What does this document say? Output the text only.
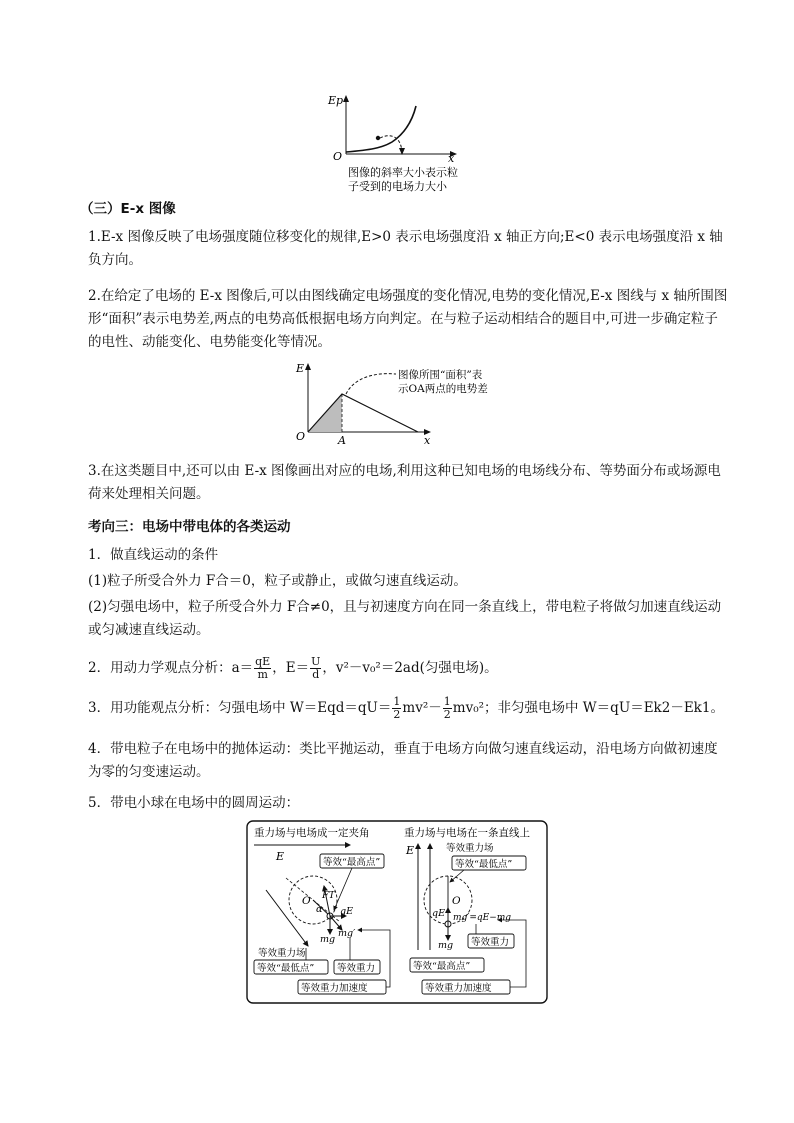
Ep
O	x
图像的斜率大小表示粒
子受到的电场力大小
（三）E-x 图像
1.E-x 图像反映了电场强度随位移变化的规律,E>0 表示电场强度沿 x 轴正方向;E<0 表示电场强度沿 x 轴负方向。
2.在给定了电场的 E-x 图像后,可以由图线确定电场强度的变化情况,电势的变化情况,E-x 图线与 x 轴所围图形“面积”表示电势差,两点的电势高低根据电场方向判定。在与粒子运动相结合的题目中,可进一步确定粒子的电性、动能变化、电势能变化等情况。
E
O	A	x
图像所围“面积”表
示OA两点的电势差
3.在这类题目中,还可以由 E-x 图像画出对应的电场,利用这种已知电场的电场线分布、等势面分布或场源电荷来处理相关问题。
考向三：电场中带电体的各类运动
1．做直线运动的条件
(1)粒子所受合外力 F合＝0，粒子或静止，或做匀速直线运动。
(2)匀强电场中，粒子所受合外力 F合≠0，且与初速度方向在同一条直线上，带电粒子将做匀加速直线运动或匀减速直线运动。
2．用动力学观点分析：$a= \frac{qE}{m}$ ，$E= \frac{U}{d}$ ，v²－v₀²＝2ad(匀强电场)。
3．用功能观点分析：匀强电场中 $W=Eqd=qU= \frac{1}{2} mv^2- \frac{1}{2} mv_0^2$；非匀强电场中 W＝qU＝Ek2－Ek1。
4．带电粒子在电场中的抛体运动：类比平抛运动，垂直于电场方向做匀速直线运动，沿电场方向做初速度为零的匀变速运动。
5．带电小球在电场中的圆周运动：
重力场与电场成一定夹角
E	等效“最高点”
O FT
α qE
mg
mg′
等效重力场
等效“最低点” 等效重力
等效重力加速度
重力场与电场在一条直线上
E	等效重力场
等效“最低点”
O
qE mg′=qE−mg
mg 等效重力
等效“最高点”
等效重力加速度
